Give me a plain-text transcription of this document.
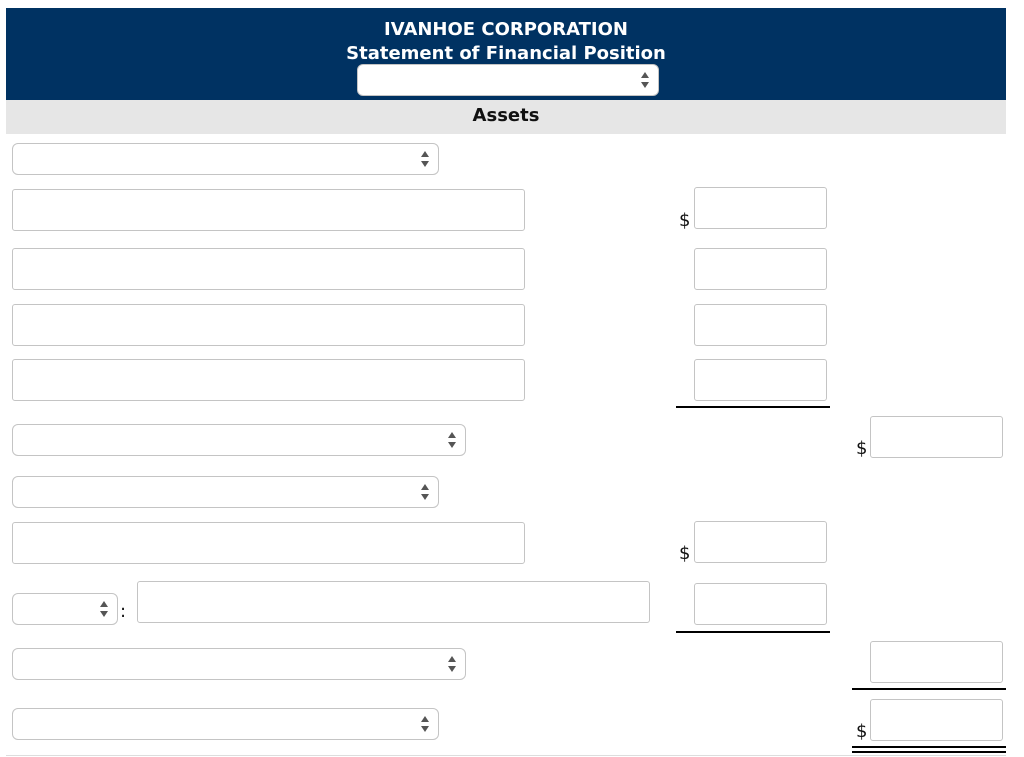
IVANHOE CORPORATION
Statement of Financial Position
Assets
$
$
$
:
$
